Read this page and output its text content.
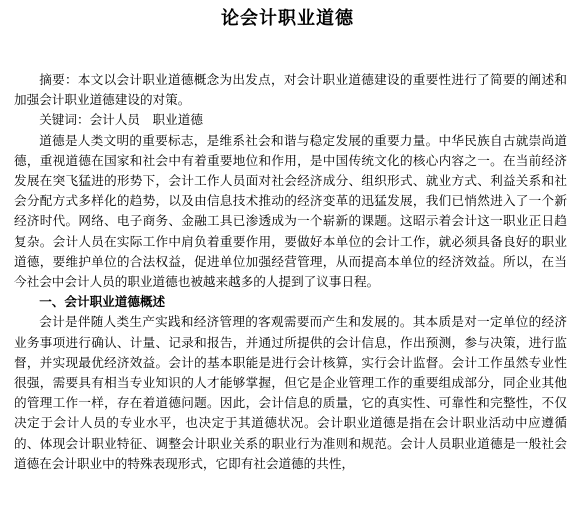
论会计职业道德

摘要：本文以会计职业道德概念为出发点，对会计职业道德建设的重要性进行了简要的阐述和加强会计职业道德建设的对策。

关键词：会计人员　职业道德

道德是人类文明的重要标志，是维系社会和谐与稳定发展的重要力量。中华民族自古就崇尚道德，重视道德在国家和社会中有着重要地位和作用，是中国传统文化的核心内容之一。在当前经济发展在突飞猛进的形势下，会计工作人员面对社会经济成分、组织形式、就业方式、利益关系和社会分配方式多样化的趋势，以及由信息技术推动的经济变革的迅猛发展，我们已悄然进入了一个新经济时代。网络、电子商务、金融工具已渗透成为一个崭新的课题。这昭示着会计这一职业正日趋复杂。会计人员在实际工作中肩负着重要作用，要做好本单位的会计工作，就必须具备良好的职业道德，要维护单位的合法权益，促进单位加强经营管理，从而提高本单位的经济效益。所以，在当今社会中会计人员的职业道德也被越来越多的人提到了议事日程。

一、会计职业道德概述

会计是伴随人类生产实践和经济管理的客观需要而产生和发展的。其本质是对一定单位的经济业务事项进行确认、计量、记录和报告，并通过所提供的会计信息，作出预测，参与决策，进行监督，并实现最优经济效益。会计的基本职能是进行会计核算，实行会计监督。会计工作虽然专业性很强，需要具有相当专业知识的人才能够掌握，但它是企业管理工作的重要组成部分，同企业其他的管理工作一样，存在着道德问题。因此，会计信息的质量，它的真实性、可靠性和完整性，不仅决定于会计人员的专业水平，也决定于其道德状况。会计职业道德是指在会计职业活动中应遵循的、体现会计职业特征、调整会计职业关系的职业行为准则和规范。会计人员职业道德是一般社会道德在会计职业中的特殊表现形式，它即有社会道德的共性，
